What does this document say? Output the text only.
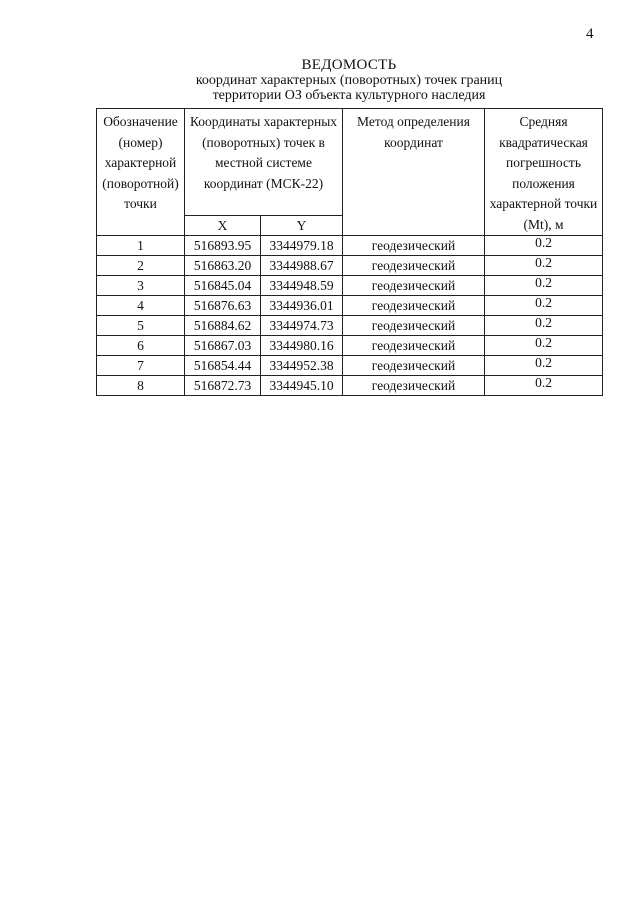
4
ВЕДОМОСТЬ
координат характерных (поворотных) точек границ
территории ОЗ объекта культурного наследия
Обозначение (номер) характерной (поворотной) точки	Координаты характерных (поворотных) точек в местной системе координат (МСК-22)		Метод определения координат	Средняя квадратическая погрешность положения характерной точки (Mt), м
	X	Y		
1	516893.95	3344979.18	геодезический	0.2
2	516863.20	3344988.67	геодезический	0.2
3	516845.04	3344948.59	геодезический	0.2
4	516876.63	3344936.01	геодезический	0.2
5	516884.62	3344974.73	геодезический	0.2
6	516867.03	3344980.16	геодезический	0.2
7	516854.44	3344952.38	геодезический	0.2
8	516872.73	3344945.10	геодезический	0.2
